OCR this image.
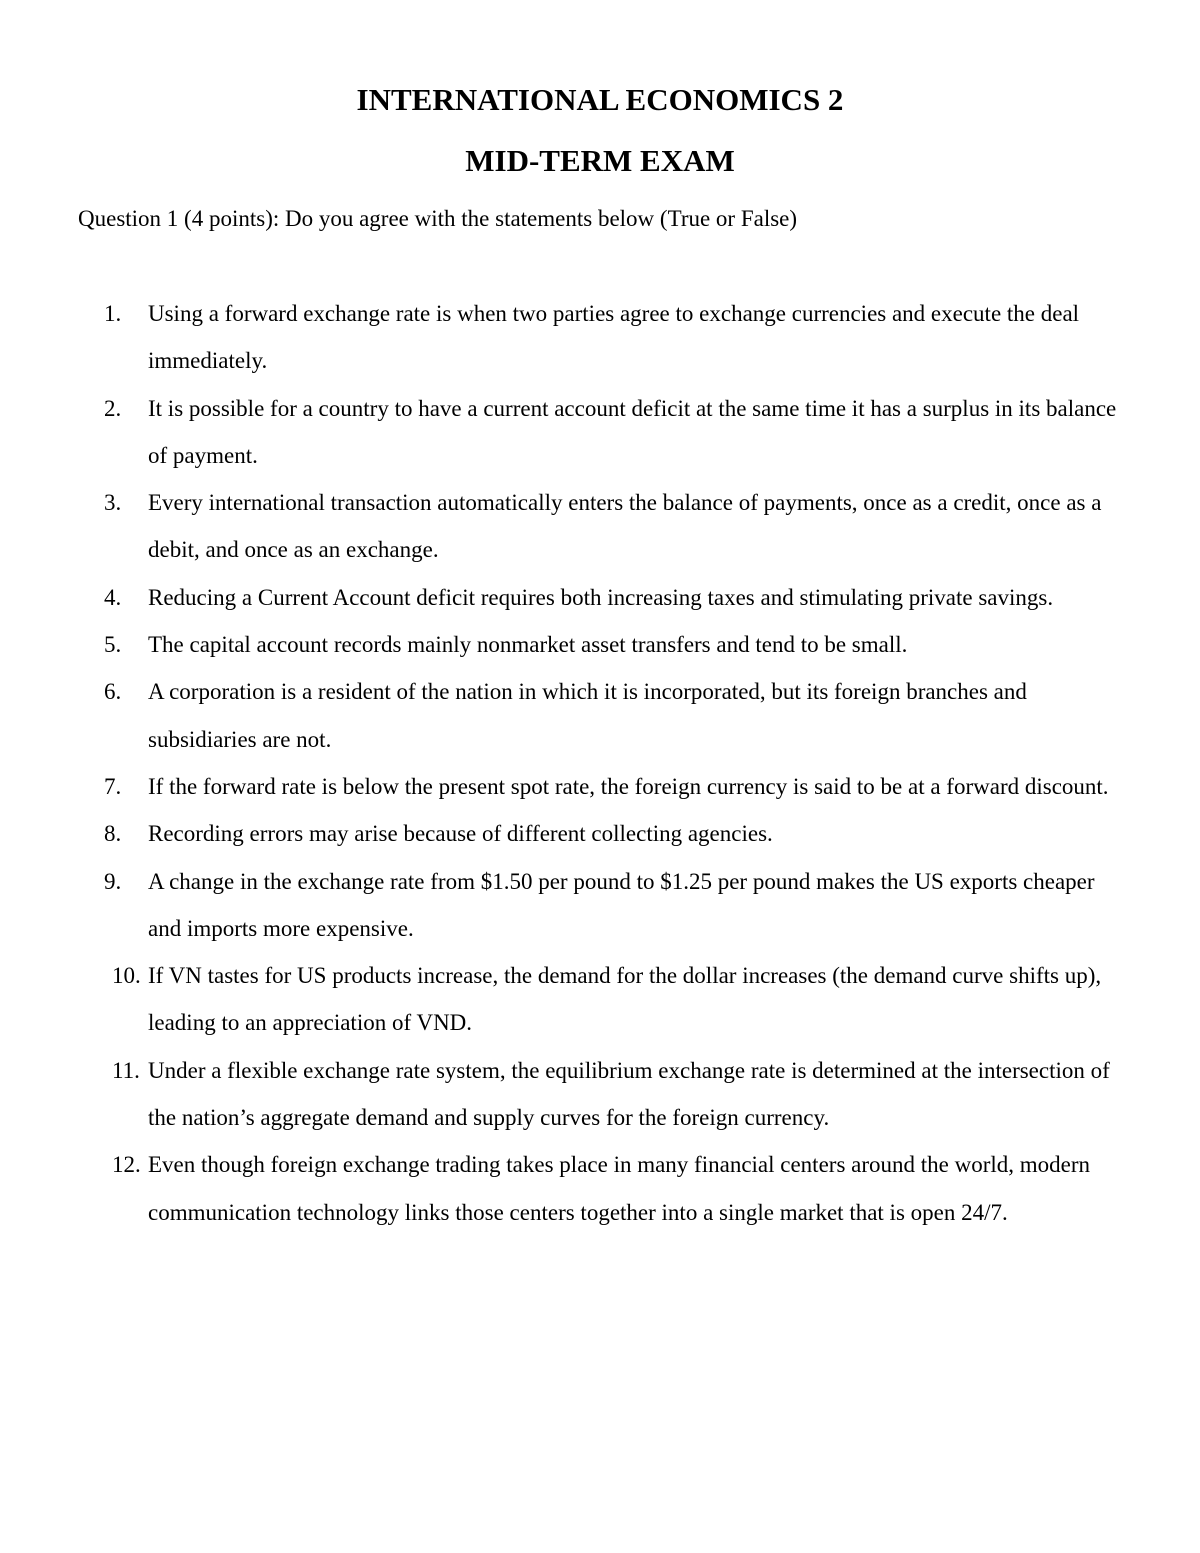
INTERNATIONAL ECONOMICS 2
MID-TERM EXAM

Question 1 (4 points): Do you agree with the statements below (True or False)

1. Using a forward exchange rate is when two parties agree to exchange currencies and execute the deal immediately.
2. It is possible for a country to have a current account deficit at the same time it has a surplus in its balance of payment.
3. Every international transaction automatically enters the balance of payments, once as a credit, once as a debit, and once as an exchange.
4. Reducing a Current Account deficit requires both increasing taxes and stimulating private savings.
5. The capital account records mainly nonmarket asset transfers and tend to be small.
6. A corporation is a resident of the nation in which it is incorporated, but its foreign branches and subsidiaries are not.
7. If the forward rate is below the present spot rate, the foreign currency is said to be at a forward discount.
8. Recording errors may arise because of different collecting agencies.
9. A change in the exchange rate from $1.50 per pound to $1.25 per pound makes the US exports cheaper and imports more expensive.
10. If VN tastes for US products increase, the demand for the dollar increases (the demand curve shifts up), leading to an appreciation of VND.
11. Under a flexible exchange rate system, the equilibrium exchange rate is determined at the intersection of the nation’s aggregate demand and supply curves for the foreign currency.
12. Even though foreign exchange trading takes place in many financial centers around the world, modern communication technology links those centers together into a single market that is open 24/7.
